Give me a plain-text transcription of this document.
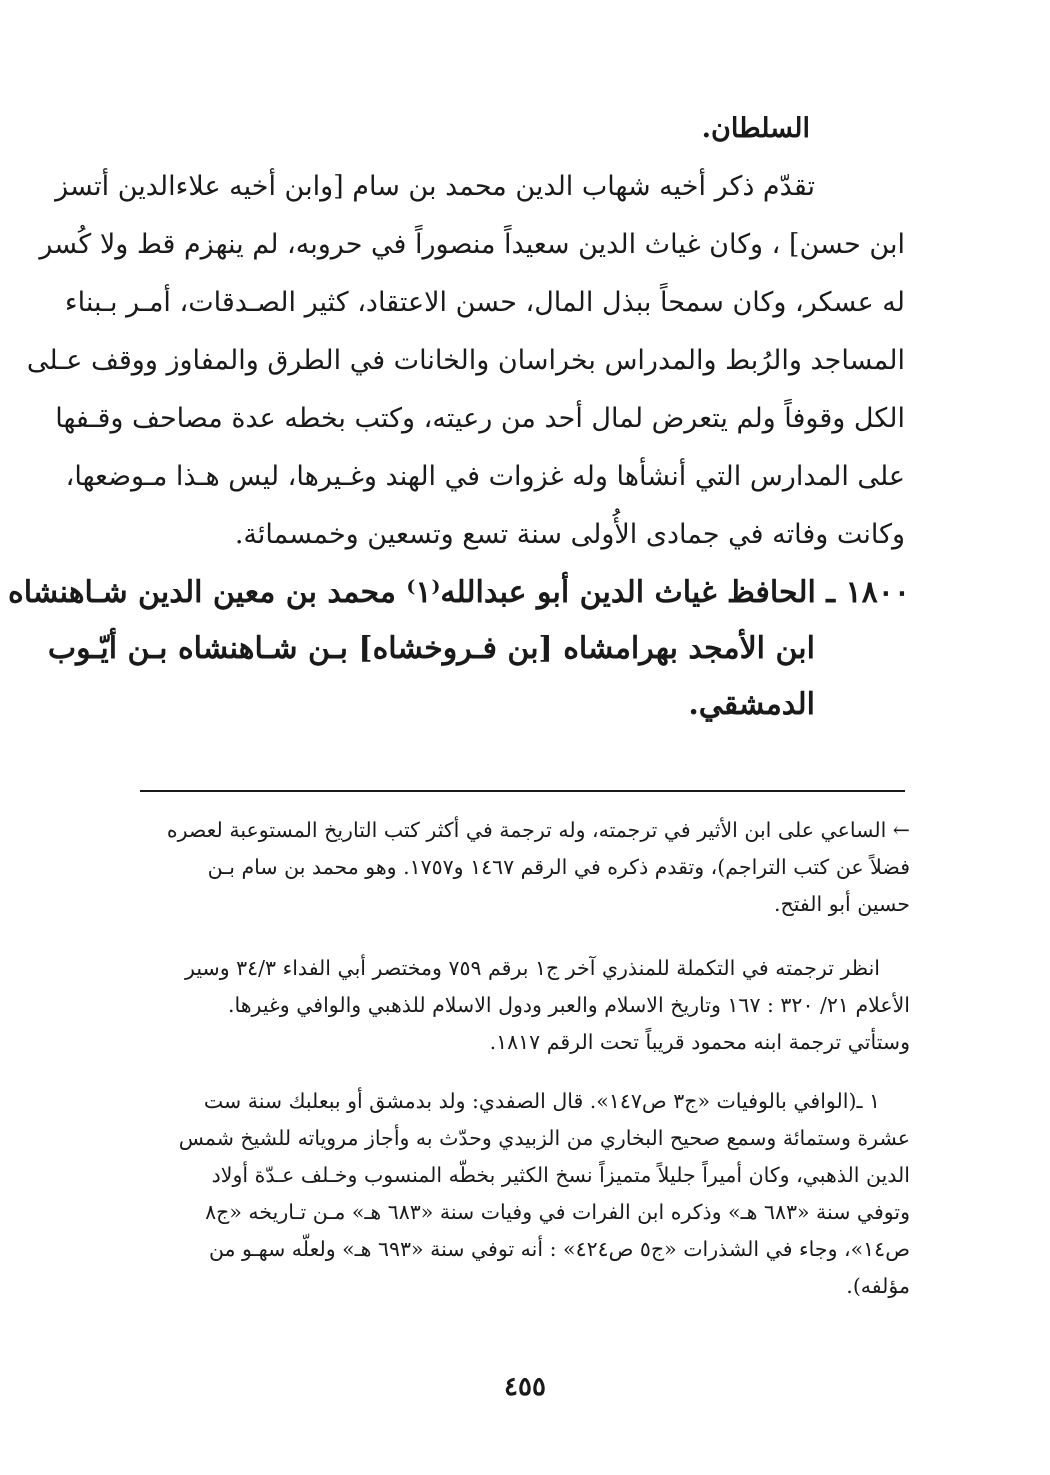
السلطان.
تقدّم ذكر أخيه شهاب الدين محمد بن سام [وابن أخيه علاءالدين أتسز
ابن حسن] ، وكان غياث الدين سعيداً منصوراً في حروبه، لم ينهزم قط ولا كُسر
له عسكر، وكان سمحاً ببذل المال، حسن الاعتقاد، كثير الصـدقات، أمـر بـبناء
المساجد والرُبط والمدراس بخراسان والخانات في الطرق والمفاوز ووقف عـلى
الكل وقوفاً ولم يتعرض لمال أحد من رعيته، وكتب بخطه عدة مصاحف وقـفها
على المدارس التي أنشأها وله غزوات في الهند وغـيرها، ليس هـذا مـوضعها،
وكانت وفاته في جمادى الأُولى سنة تسع وتسعين وخمسمائة.
١٨٠٠ ـ الحافظ غياث الدين أبو عبدالله⁽١⁾ محمد بن معين الدين شـاهنشاه
ابن الأمجد بهرامشاه [بن فـروخشاه] بـن شـاهنشاه بـن أيّـوب
الدمشقي.
← الساعي على ابن الأثير في ترجمته، وله ترجمة في أكثر كتب التاريخ المستوعبة لعصره
فضلاً عن كتب التراجم)، وتقدم ذكره في الرقم ١٤٦٧ و١٧٥٧. وهو محمد بن سام بـن
حسين أبو الفتح.
انظر ترجمته في التكملة للمنذري آخر ج١ برقم ٧٥٩ ومختصر أبي الفداء ٣٤/٣ وسير
الأعلام ٢١/ ٣٢٠ : ١٦٧ وتاريخ الاسلام والعبر ودول الاسلام للذهبي والوافي وغيرها.
وستأتي ترجمة ابنه محمود قريباً تحت الرقم ١٨١٧.
١ ـ(الوافي بالوفيات «ج٣ ص١٤٧». قال الصفدي: ولد بدمشق أو ببعلبك سنة ست
عشرة وستمائة وسمع صحيح البخاري من الزبيدي وحدّث به وأجاز مروياته للشيخ شمس
الدين الذهبي، وكان أميراً جليلاً متميزاً نسخ الكثير بخطّه المنسوب وخـلف عـدّة أولاد
وتوفي سنة «٦٨٣ هـ» وذكره ابن الفرات في وفيات سنة «٦٨٣ هـ» مـن تـاريخه «ج٨
ص١٤»، وجاء في الشذرات «ج٥ ص٤٢٤» : أنه توفي سنة «٦٩٣ هـ» ولعلّه سهـو من
مؤلفه).
٤٥٥
